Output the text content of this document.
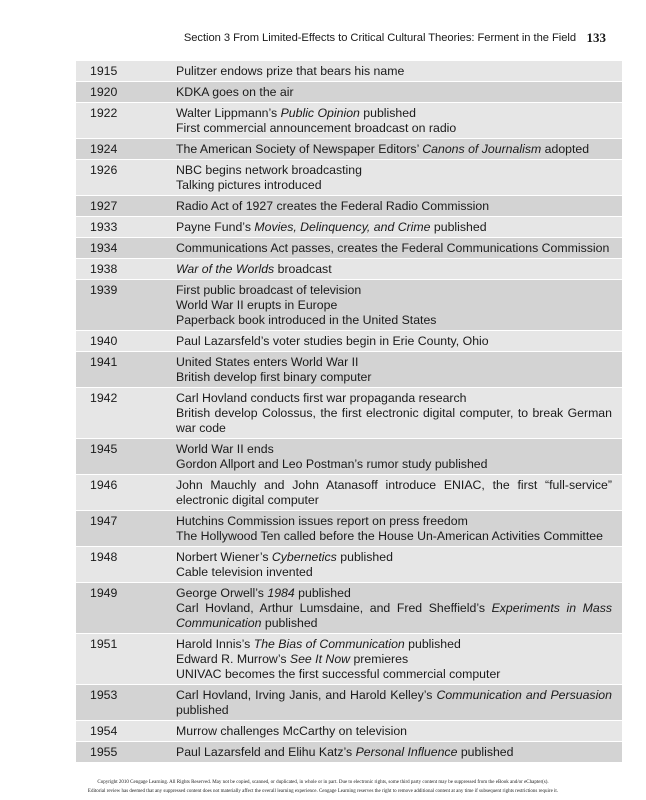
Section 3 From Limited-Effects to Critical Cultural Theories: Ferment in the Field 133
1915	Pulitzer endows prize that bears his name
1920	KDKA goes on the air
1922	Walter Lippmann’s Public Opinion published
First commercial announcement broadcast on radio
1924	The American Society of Newspaper Editors’ Canons of Journalism adopted
1926	NBC begins network broadcasting
Talking pictures introduced
1927	Radio Act of 1927 creates the Federal Radio Commission
1933	Payne Fund’s Movies, Delinquency, and Crime published
1934	Communications Act passes, creates the Federal Communications Commission
1938	War of the Worlds broadcast
1939	First public broadcast of television
World War II erupts in Europe
Paperback book introduced in the United States
1940	Paul Lazarsfeld’s voter studies begin in Erie County, Ohio
1941	United States enters World War II
British develop first binary computer
1942	Carl Hovland conducts first war propaganda research
British develop Colossus, the first electronic digital computer, to break German war code
1945	World War II ends
Gordon Allport and Leo Postman’s rumor study published
1946	John Mauchly and John Atanasoff introduce ENIAC, the first “full-service” electronic digital computer
1947	Hutchins Commission issues report on press freedom
The Hollywood Ten called before the House Un-American Activities Committee
1948	Norbert Wiener’s Cybernetics published
Cable television invented
1949	George Orwell’s 1984 published
Carl Hovland, Arthur Lumsdaine, and Fred Sheffield’s Experiments in Mass Communication published
1951	Harold Innis’s The Bias of Communication published
Edward R. Murrow’s See It Now premieres
UNIVAC becomes the first successful commercial computer
1953	Carl Hovland, Irving Janis, and Harold Kelley’s Communication and Persuasion published
1954	Murrow challenges McCarthy on television
1955	Paul Lazarsfeld and Elihu Katz’s Personal Influence published
Copyright 2010 Cengage Learning. All Rights Reserved. May not be copied, scanned, or duplicated, in whole or in part. Due to electronic rights, some third party content may be suppressed from the eBook and/or eChapter(s).
Editorial review has deemed that any suppressed content does not materially affect the overall learning experience. Cengage Learning reserves the right to remove additional content at any time if subsequent rights restrictions require it.
